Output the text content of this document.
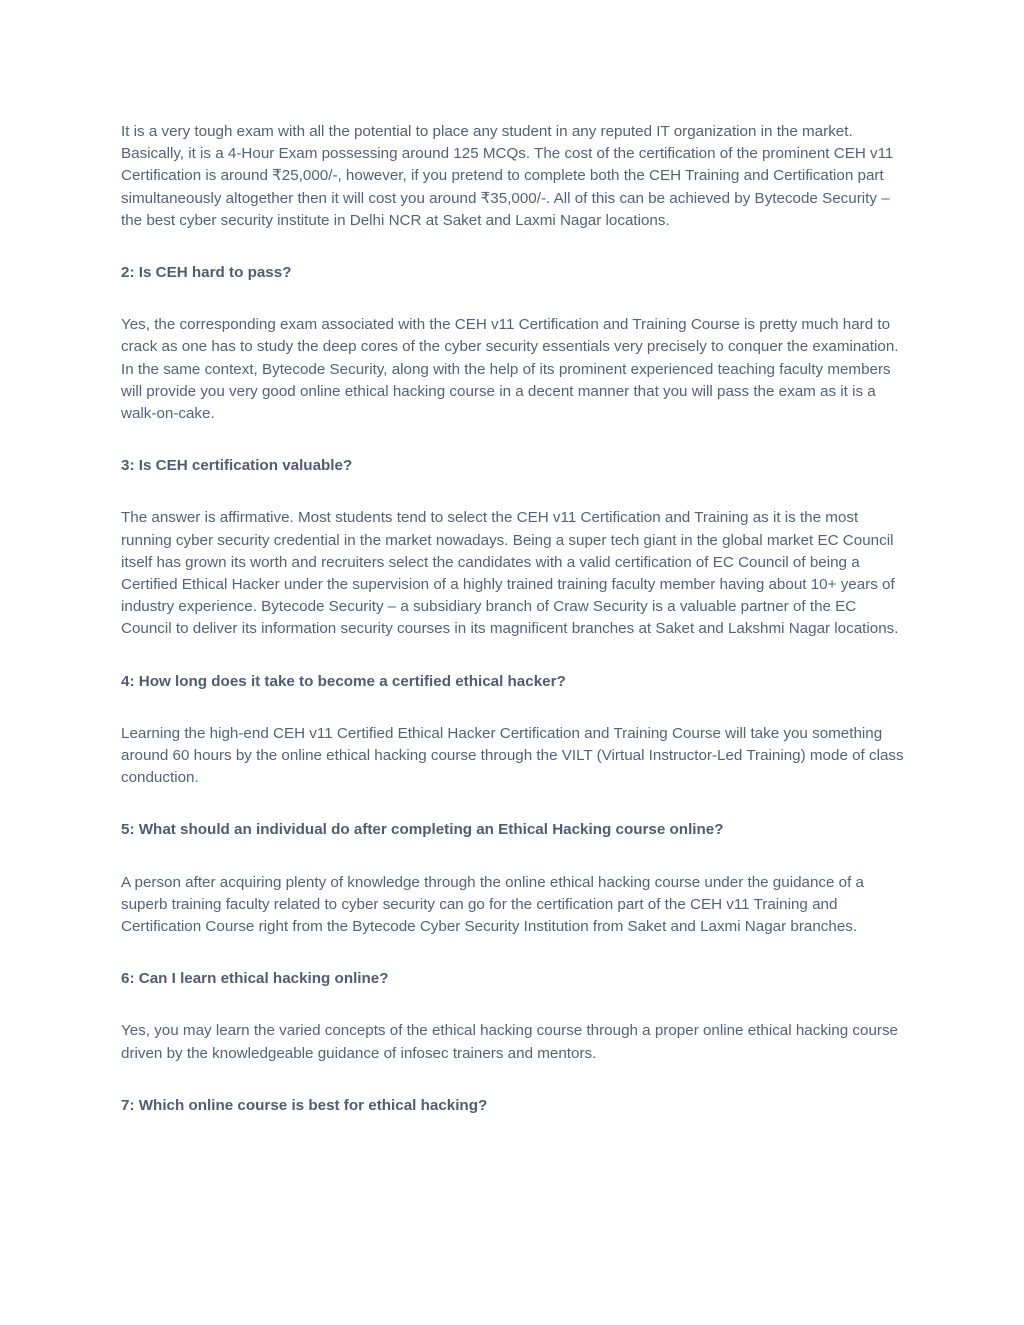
It is a very tough exam with all the potential to place any student in any reputed IT organization in the market. Basically, it is a 4-Hour Exam possessing around 125 MCQs. The cost of the certification of the prominent CEH v11 Certification is around ₹25,000/-, however, if you pretend to complete both the CEH Training and Certification part simultaneously altogether then it will cost you around ₹35,000/-. All of this can be achieved by Bytecode Security – the best cyber security institute in Delhi NCR at Saket and Laxmi Nagar locations.

2: Is CEH hard to pass?

Yes, the corresponding exam associated with the CEH v11 Certification and Training Course is pretty much hard to crack as one has to study the deep cores of the cyber security essentials very precisely to conquer the examination. In the same context, Bytecode Security, along with the help of its prominent experienced teaching faculty members will provide you very good online ethical hacking course in a decent manner that you will pass the exam as it is a walk-on-cake.

3: Is CEH certification valuable?

The answer is affirmative. Most students tend to select the CEH v11 Certification and Training as it is the most running cyber security credential in the market nowadays. Being a super tech giant in the global market EC Council itself has grown its worth and recruiters select the candidates with a valid certification of EC Council of being a Certified Ethical Hacker under the supervision of a highly trained training faculty member having about 10+ years of industry experience. Bytecode Security – a subsidiary branch of Craw Security is a valuable partner of the EC Council to deliver its information security courses in its magnificent branches at Saket and Lakshmi Nagar locations.

4: How long does it take to become a certified ethical hacker?

Learning the high-end CEH v11 Certified Ethical Hacker Certification and Training Course will take you something around 60 hours by the online ethical hacking course through the VILT (Virtual Instructor-Led Training) mode of class conduction.

5: What should an individual do after completing an Ethical Hacking course online?

A person after acquiring plenty of knowledge through the online ethical hacking course under the guidance of a superb training faculty related to cyber security can go for the certification part of the CEH v11 Training and Certification Course right from the Bytecode Cyber Security Institution from Saket and Laxmi Nagar branches.

6: Can I learn ethical hacking online?

Yes, you may learn the varied concepts of the ethical hacking course through a proper online ethical hacking course driven by the knowledgeable guidance of infosec trainers and mentors.

7: Which online course is best for ethical hacking?
